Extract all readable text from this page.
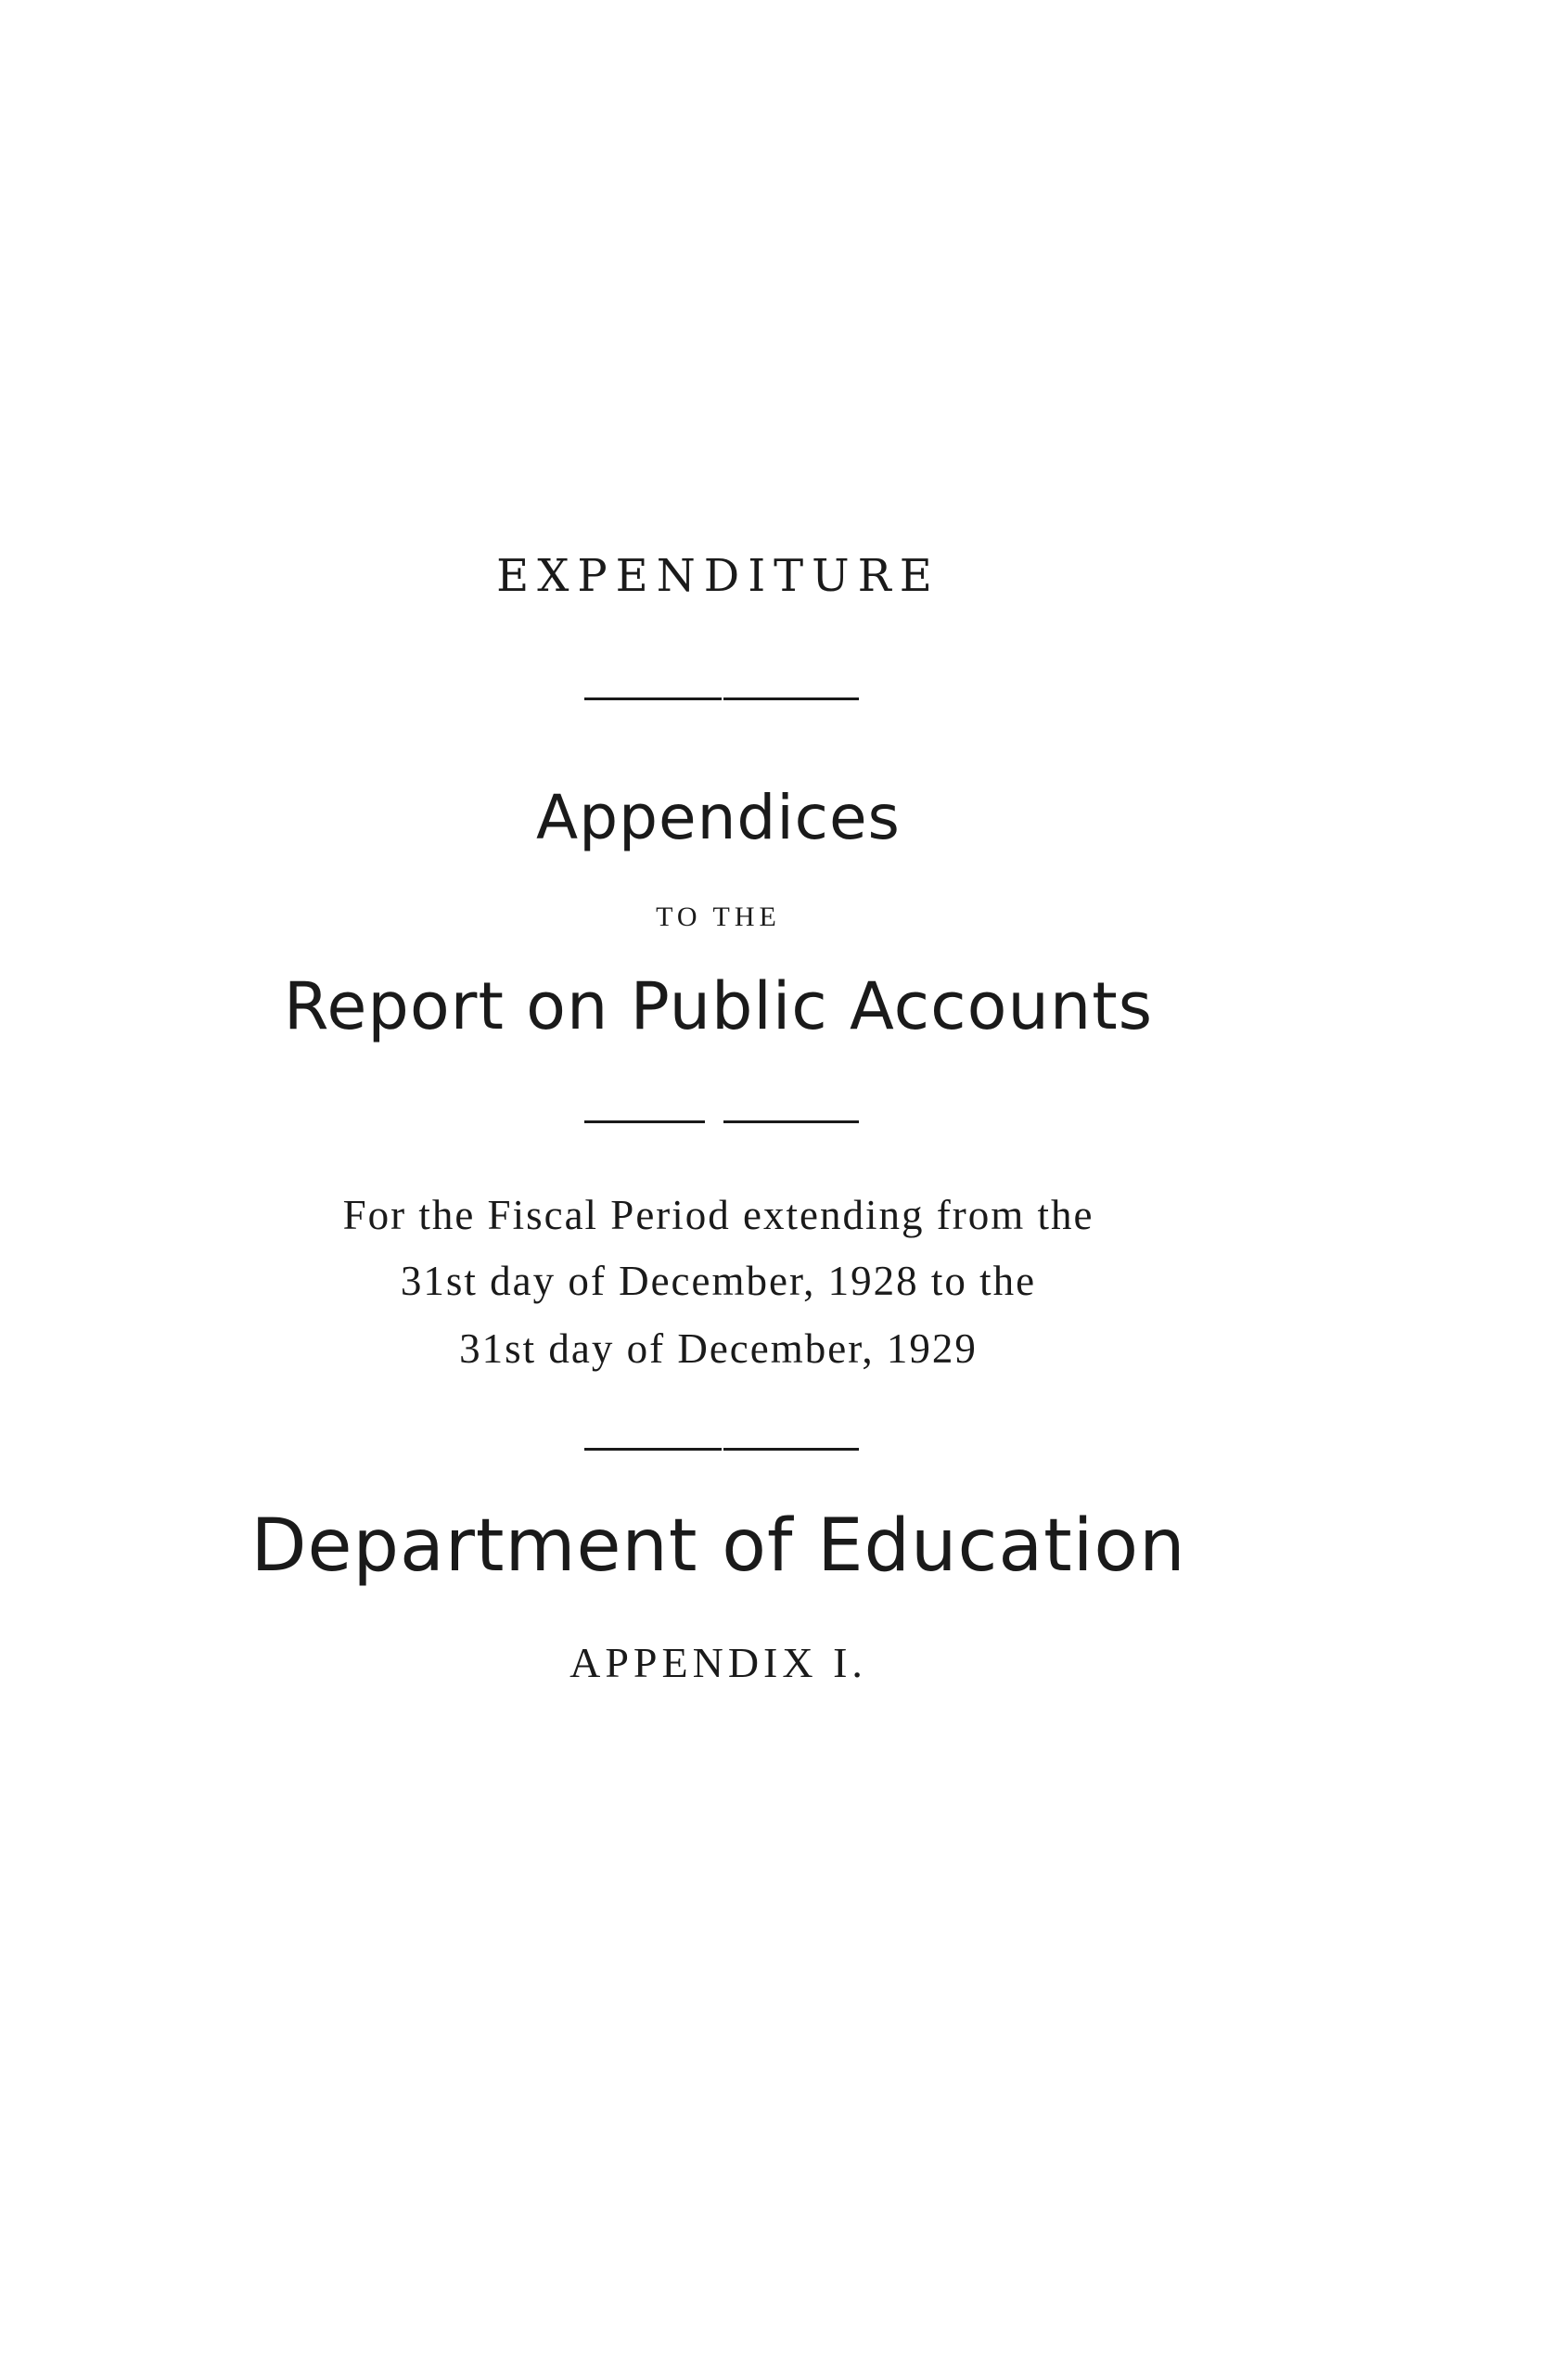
EXPENDITURE
Appendices
TO THE
Report on Public Accounts
For the Fiscal Period extending from the
31st day of December, 1928 to the
31st day of December, 1929
Department of Education
APPENDIX I.
